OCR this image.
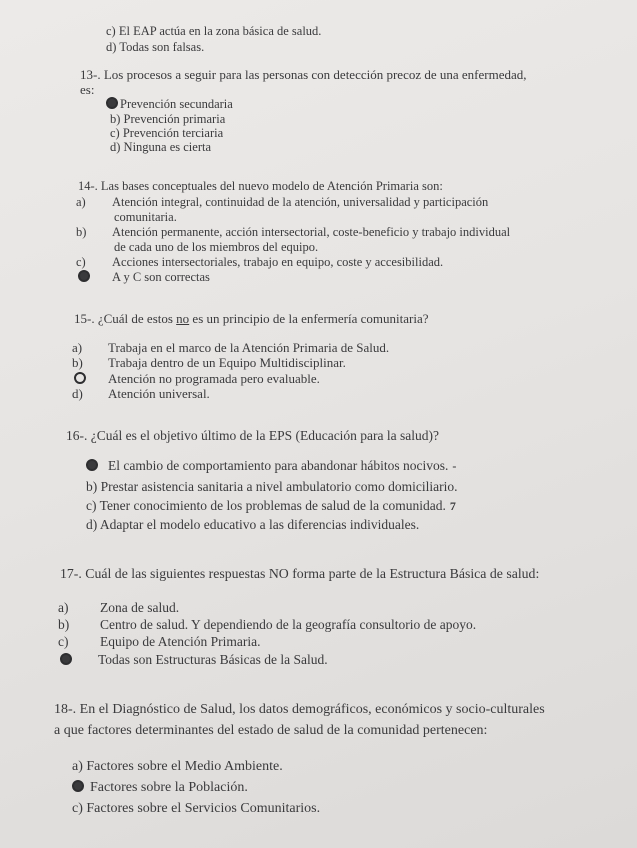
c) El EAP actúa en la zona básica de salud.
d) Todas son falsas.
13-. Los procesos a seguir para las personas con detección precoz de una enfermedad,
es:
Prevención secundaria
b) Prevención primaria
c) Prevención terciaria
d) Ninguna es cierta
14-. Las bases conceptuales del nuevo modelo de Atención Primaria son:
a) Atención integral, continuidad de la atención, universalidad y participación
comunitaria.
b) Atención permanente, acción intersectorial, coste-beneficio y trabajo individual
de cada uno de los miembros del equipo.
c) Acciones intersectoriales, trabajo en equipo, coste y accesibilidad.
A y C son correctas
15-. ¿Cuál de estos no es un principio de la enfermería comunitaria?
a) Trabaja en el marco de la Atención Primaria de Salud.
b) Trabaja dentro de un Equipo Multidisciplinar.
Atención no programada pero evaluable.
d) Atención universal.
16-. ¿Cuál es el objetivo último de la EPS (Educación para la salud)?
El cambio de comportamiento para abandonar hábitos nocivos. -
b) Prestar asistencia sanitaria a nivel ambulatorio como domiciliario.
c) Tener conocimiento de los problemas de salud de la comunidad. 7
d) Adaptar el modelo educativo a las diferencias individuales.
17-. Cuál de las siguientes respuestas NO forma parte de la Estructura Básica de salud:
a) Zona de salud.
b) Centro de salud. Y dependiendo de la geografía consultorio de apoyo.
c) Equipo de Atención Primaria.
Todas son Estructuras Básicas de la Salud.
18-. En el Diagnóstico de Salud, los datos demográficos, económicos y socio-culturales
a que factores determinantes del estado de salud de la comunidad pertenecen:
a) Factores sobre el Medio Ambiente.
Factores sobre la Población.
c) Factores sobre el Servicios Comunitarios.
